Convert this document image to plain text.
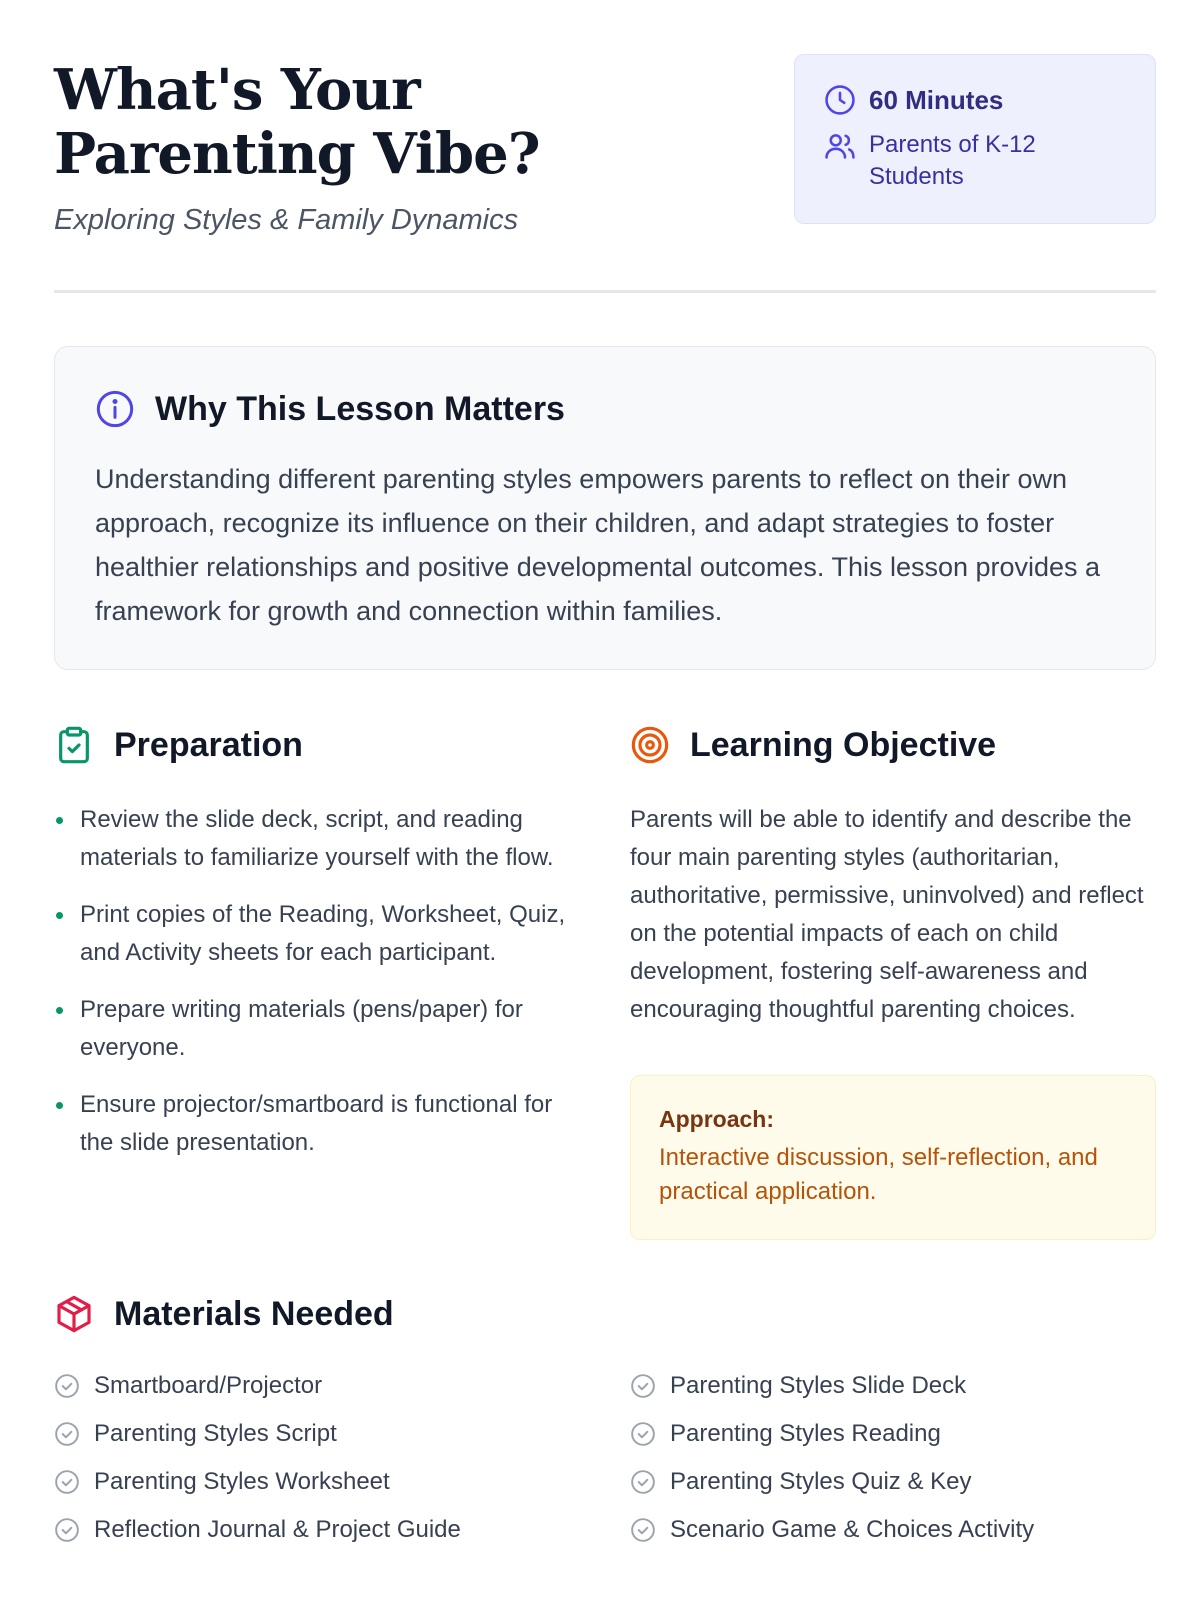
What's Your Parenting Vibe?
Exploring Styles & Family Dynamics
60 Minutes
Parents of K-12 Students
Why This Lesson Matters

Understanding different parenting styles empowers parents to reflect on their own approach, recognize its influence on their children, and adapt strategies to foster healthier relationships and positive developmental outcomes. This lesson provides a framework for growth and connection within families.

Preparation
Review the slide deck, script, and reading materials to familiarize yourself with the flow.
Print copies of the Reading, Worksheet, Quiz, and Activity sheets for each participant.
Prepare writing materials (pens/paper) for everyone.
Ensure projector/smartboard is functional for the slide presentation.
Learning Objective

Parents will be able to identify and describe the four main parenting styles (authoritarian, authoritative, permissive, uninvolved) and reflect on the potential impacts of each on child development, fostering self-awareness and encouraging thoughtful parenting choices.

Approach:
Interactive discussion, self-reflection, and practical application.
Materials Needed
Smartboard/Projector	Parenting Styles Slide Deck
Parenting Styles Script	Parenting Styles Reading
Parenting Styles Worksheet	Parenting Styles Quiz & Key
Reflection Journal & Project Guide	Scenario Game & Choices Activity
